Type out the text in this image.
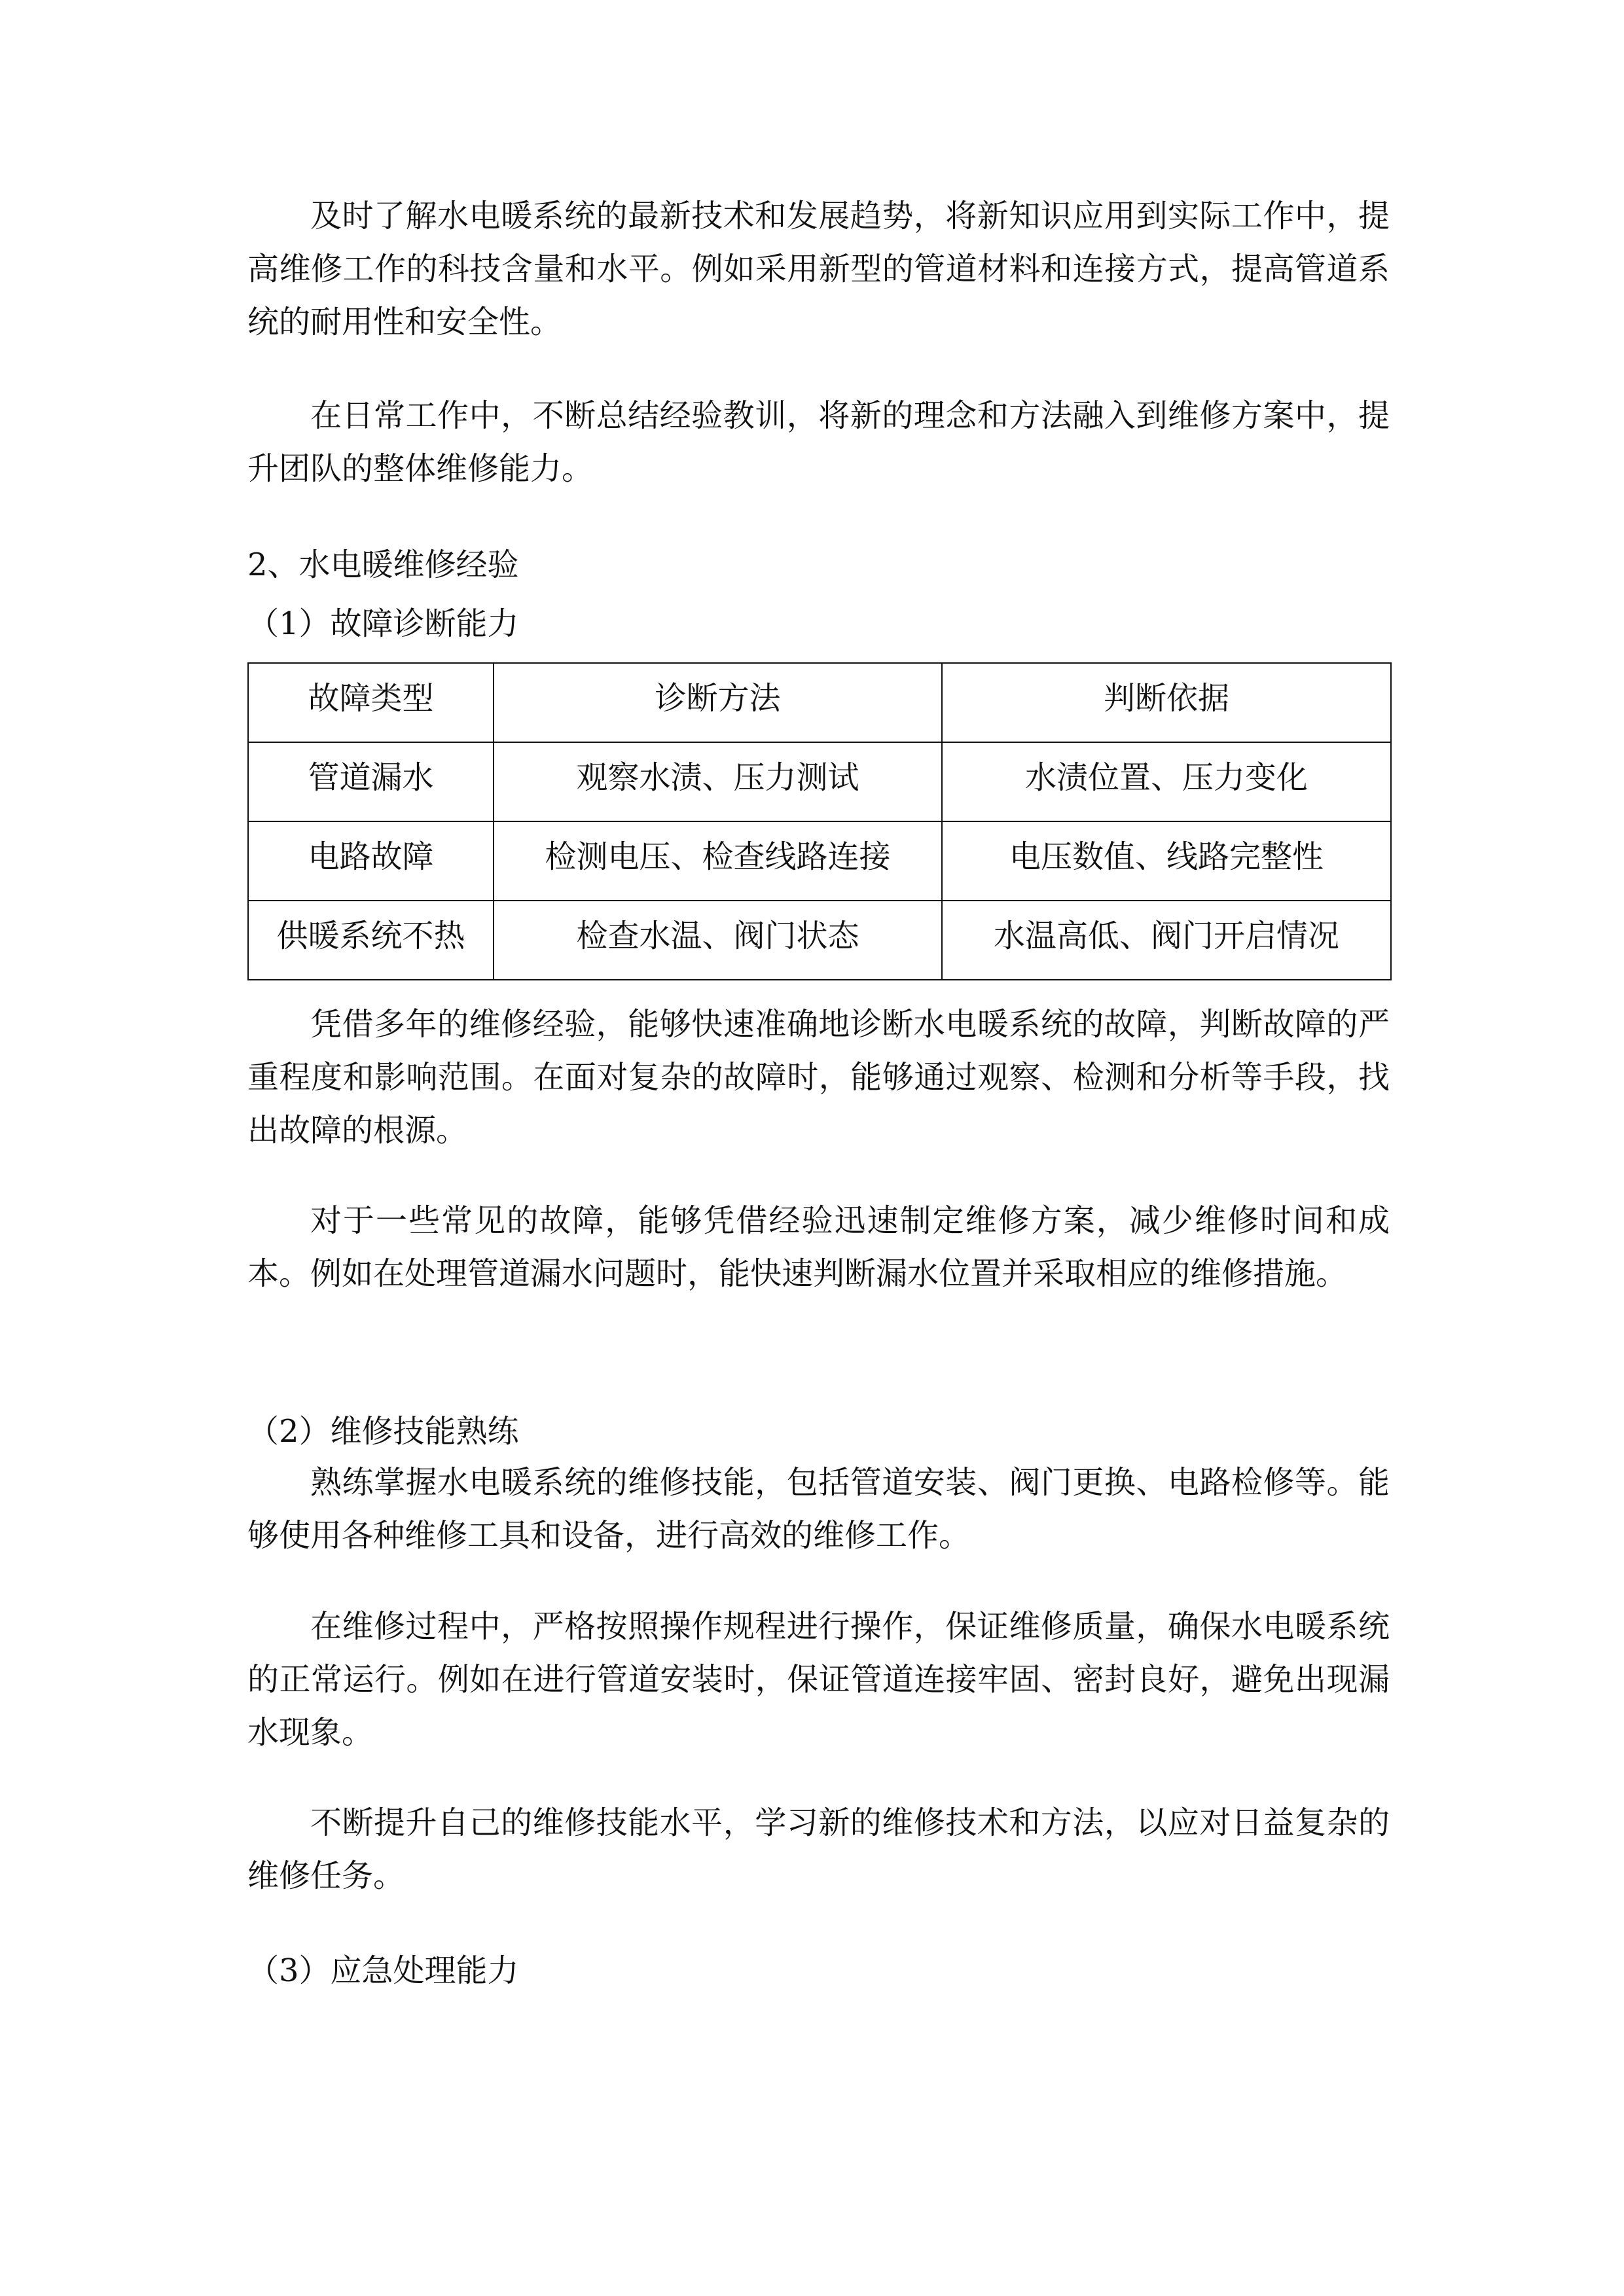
及时了解水电暖系统的最新技术和发展趋势，将新知识应用到实际工作中，提高维修工作的科技含量和水平。例如采用新型的管道材料和连接方式，提高管道系统的耐用性和安全性。

在日常工作中，不断总结经验教训，将新的理念和方法融入到维修方案中，提升团队的整体维修能力。

2、水电暖维修经验
（1）故障诊断能力
故障类型	诊断方法	判断依据
管道漏水	观察水渍、压力测试	水渍位置、压力变化
电路故障	检测电压、检查线路连接	电压数值、线路完整性
供暖系统不热	检查水温、阀门状态	水温高低、阀门开启情况

凭借多年的维修经验，能够快速准确地诊断水电暖系统的故障，判断故障的严重程度和影响范围。在面对复杂的故障时，能够通过观察、检测和分析等手段，找出故障的根源。

对于一些常见的故障，能够凭借经验迅速制定维修方案，减少维修时间和成本。例如在处理管道漏水问题时，能快速判断漏水位置并采取相应的维修措施。

（2）维修技能熟练

熟练掌握水电暖系统的维修技能，包括管道安装、阀门更换、电路检修等。能够使用各种维修工具和设备，进行高效的维修工作。

在维修过程中，严格按照操作规程进行操作，保证维修质量，确保水电暖系统的正常运行。例如在进行管道安装时，保证管道连接牢固、密封良好，避免出现漏水现象。

不断提升自己的维修技能水平，学习新的维修技术和方法，以应对日益复杂的维修任务。

（3）应急处理能力
